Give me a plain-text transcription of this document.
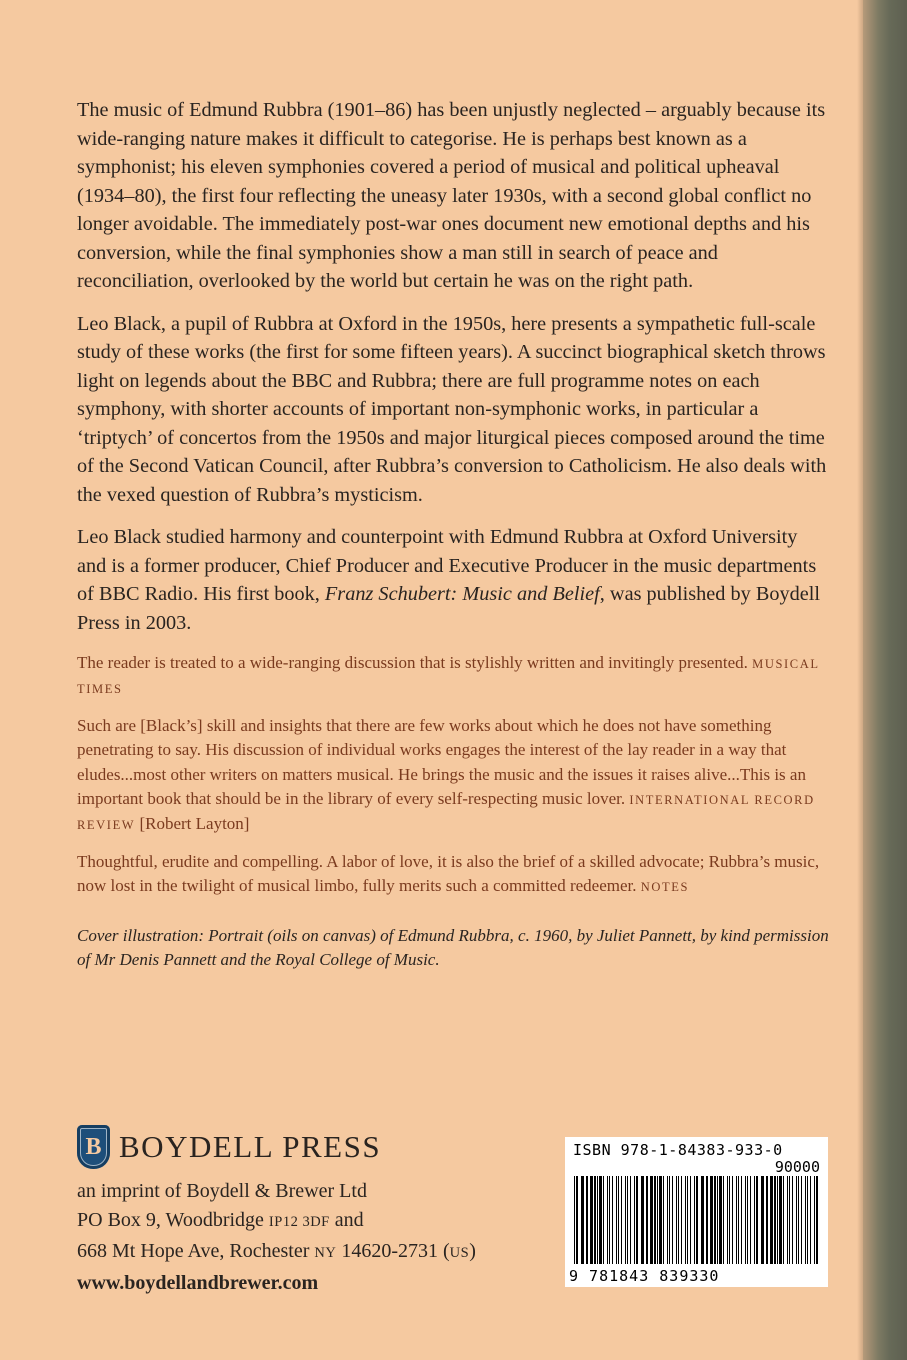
The music of Edmund Rubbra (1901–86) has been unjustly neglected – arguably because its wide-ranging nature makes it difficult to categorise. He is perhaps best known as a symphonist; his eleven symphonies covered a period of musical and political upheaval (1934–80), the first four reflecting the uneasy later 1930s, with a second global conflict no longer avoidable. The immediately post-war ones document new emotional depths and his conversion, while the final symphonies show a man still in search of peace and reconciliation, overlooked by the world but certain he was on the right path.

Leo Black, a pupil of Rubbra at Oxford in the 1950s, here presents a sympathetic full-scale study of these works (the first for some fifteen years). A succinct biographical sketch throws light on legends about the BBC and Rubbra; there are full programme notes on each symphony, with shorter accounts of important non-symphonic works, in particular a ‘triptych’ of concertos from the 1950s and major liturgical pieces composed around the time of the Second Vatican Council, after Rubbra’s conversion to Catholicism. He also deals with the vexed question of Rubbra’s mysticism.

Leo Black studied harmony and counterpoint with Edmund Rubbra at Oxford University and is a former producer, Chief Producer and Executive Producer in the music departments of BBC Radio. His first book, Franz Schubert: Music and Belief, was published by Boydell Press in 2003.

The reader is treated to a wide-ranging discussion that is stylishly written and invitingly presented. MUSICAL TIMES

Such are [Black’s] skill and insights that there are few works about which he does not have something penetrating to say. His discussion of individual works engages the interest of the lay reader in a way that eludes...most other writers on matters musical. He brings the music and the issues it raises alive...This is an important book that should be in the library of every self-respecting music lover. INTERNATIONAL RECORD REVIEW [Robert Layton]

Thoughtful, erudite and compelling. A labor of love, it is also the brief of a skilled advocate; Rubbra’s music, now lost in the twilight of musical limbo, fully merits such a committed redeemer. NOTES

Cover illustration: Portrait (oils on canvas) of Edmund Rubbra, c. 1960, by Juliet Pannett, by kind permission of Mr Denis Pannett and the Royal College of Music.
B BOYDELL PRESS
an imprint of Boydell & Brewer Ltd
PO Box 9, Woodbridge IP12 3DF and
668 Mt Hope Ave, Rochester NY 14620-2731 (US)
www.boydellandbrewer.com
ISBN 978-1-84383-933-0
90000
9 781843 839330
